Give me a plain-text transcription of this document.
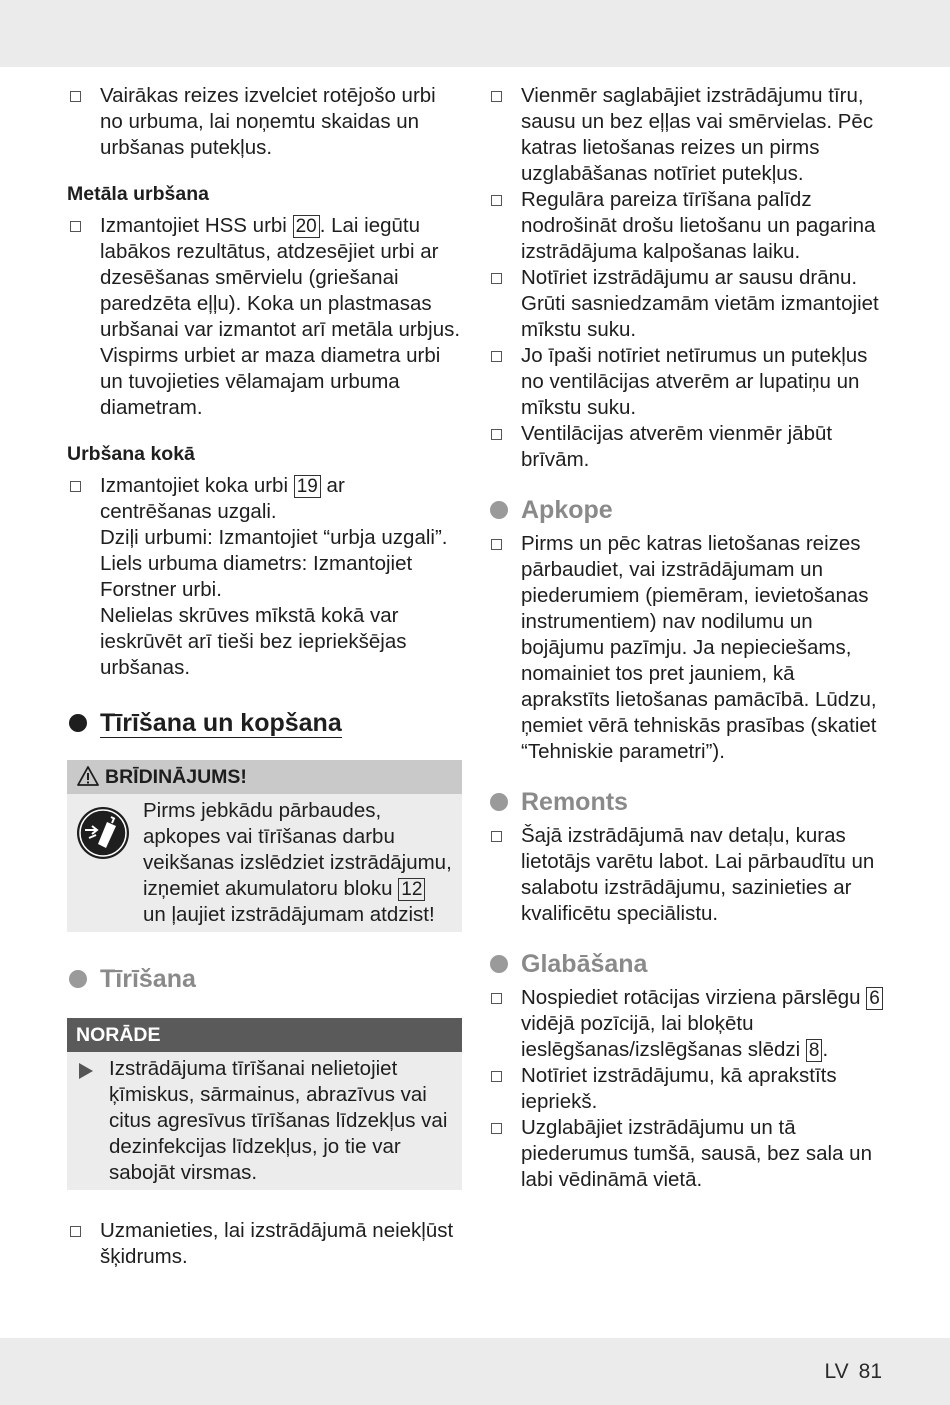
Vairākas reizes izvelciet rotējošo urbi no urbuma, lai noņemtu skaidas un urbšanas putekļus.

Metāla urbšana

Izmantojiet HSS urbi 20 . Lai iegūtu labākos rezultātus, atdzesējiet urbi ar dzesēšanas smērvielu (griešanai paredzēta eļļu). Koka un plastmasas urbšanai var izmantot arī metāla urbjus. Vispirms urbiet ar maza diametra urbi un tuvojieties vēlamajam urbuma diametram.

Urbšana kokā

Izmantojiet koka urbi 19 ar centrēšanas uzgali.
Dziļi urbumi: Izmantojiet “urbja uzgali”.
Liels urbuma diametrs: Izmantojiet Forstner urbi.
Nelielas skrūves mīkstā kokā var ieskrūvēt arī tieši bez iepriekšējas urbšanas.
Tīrīšana un kopšana
BRĪDINĀJUMS!

Pirms jebkādu pārbaudes, apkopes vai tīrīšanas darbu veikšanas izslēdziet izstrādājumu, izņemiet akumulatoru bloku 12 un ļaujiet izstrādājumam atdzist!

Tīrīšana
NORĀDE

Izstrādājuma tīrīšanai nelietojiet ķīmiskus, sārmainus, abrazīvus vai citus agresīvus tīrīšanas līdzekļus vai dezinfekcijas līdzekļus, jo tie var sabojāt virsmas.

Uzmanieties, lai izstrādājumā neiekļūst šķidrums.

Vienmēr saglabājiet izstrādājumu tīru, sausu un bez eļļas vai smērvielas. Pēc katras lietošanas reizes un pirms uzglabāšanas notīriet putekļus.

Regulāra pareiza tīrīšana palīdz nodrošināt drošu lietošanu un pagarina izstrādājuma kalpošanas laiku.

Notīriet izstrādājumu ar sausu drānu. Grūti sasniedzamām vietām izmantojiet mīkstu suku.

Jo īpaši notīriet netīrumus un putekļus no ventilācijas atverēm ar lupatiņu un mīkstu suku.

Ventilācijas atverēm vienmēr jābūt brīvām.

Apkope

Pirms un pēc katras lietošanas reizes pārbaudiet, vai izstrādājumam un piederumiem (piemēram, ievietošanas instrumentiem) nav nodilumu un bojājumu pazīmju. Ja nepieciešams, nomainiet tos pret jauniem, kā aprakstīts lietošanas pamācībā. Lūdzu, ņemiet vērā tehniskās prasības (skatiet “Tehniskie parametri”).

Remonts

Šajā izstrādājumā nav detaļu, kuras lietotājs varētu labot. Lai pārbaudītu un salabotu izstrādājumu, sazinieties ar kvalificētu speciālistu.

Glabāšana

Nospiediet rotācijas virziena pārslēgu 6 vidējā pozīcijā, lai bloķētu ieslēgšanas/izslēgšanas slēdzi 8 .

Notīriet izstrādājumu, kā aprakstīts iepriekš.

Uzglabājiet izstrādājumu un tā piederumus tumšā, sausā, bez sala un labi vēdināmā vietā.

LV 81
